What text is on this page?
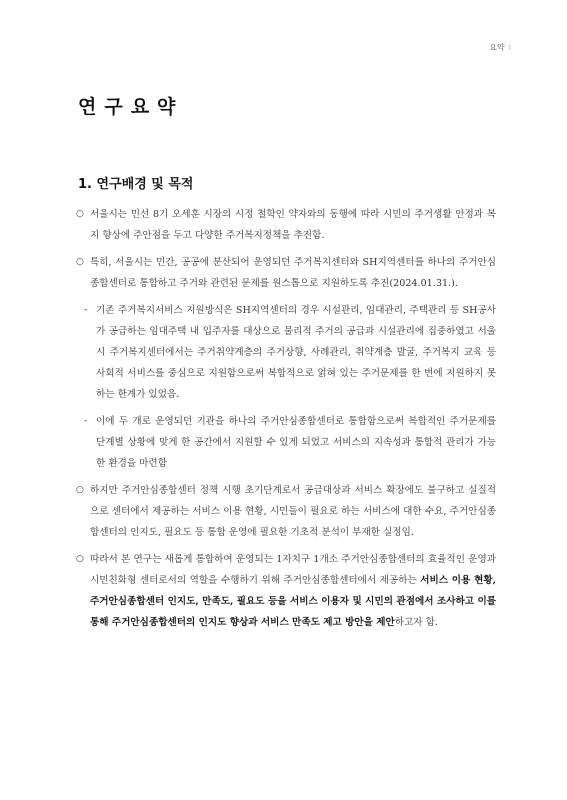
요약 i
연구요약
1. 연구배경 및 목적
○ 서울시는 민선 8기 오세훈 시장의 시정 철학인 약자와의 동행에 따라 시민의 주거생활 안정과 복지 향상에 주안점을 두고 다양한 주거복지정책을 추진함.
○ 특히, 서울시는 민간, 공공에 분산되어 운영되던 주거복지센터와 SH지역센터를 하나의 주거안심종합센터로 통합하고 주거와 관련된 문제를 원스톱으로 지원하도록 추진(2024.01.31.).
- 기존 주거복지서비스 지원방식은 SH지역센터의 경우 시설관리, 임대관리, 주택관리 등 SH공사가 공급하는 임대주택 내 입주자를 대상으로 물리적 주거의 공급과 시설관리에 집중하였고 서울시 주거복지센터에서는 주거취약계층의 주거상향, 사례관리, 취약계층 발굴, 주거복지 교육 등 사회적 서비스를 중심으로 지원함으로써 복합적으로 얽혀 있는 주거문제를 한 번에 지원하지 못하는 한계가 있었음.
- 이에 두 개로 운영되던 기관을 하나의 주거안심종합센터로 통합함으로써 복합적인 주거문제를 단계별 상황에 맞게 한 공간에서 지원할 수 있게 되었고 서비스의 지속성과 통합적 관리가 가능한 환경을 마련함
○ 하지만 주거안심종합센터 정책 시행 초기단계로서 공급대상과 서비스 확장에도 불구하고 실질적으로 센터에서 제공하는 서비스 이용 현황, 시민들이 필요로 하는 서비스에 대한 수요, 주거안심종합센터의 인지도, 필요도 등 통합 운영에 필요한 기초적 분석이 부재한 실정임.
○ 따라서 본 연구는 새롭게 통합하여 운영되는 1자치구 1개소 주거안심종합센터의 효율적인 운영과 시민친화형 센터로서의 역할을 수행하기 위해 주거안심종합센터에서 제공하는 서비스 이용 현황, 주거안심종합센터 인지도, 만족도, 필요도 등을 서비스 이용자 및 시민의 관점에서 조사하고 이를 통해 주거안심종합센터의 인지도 향상과 서비스 만족도 제고 방안을 제안하고자 함.
